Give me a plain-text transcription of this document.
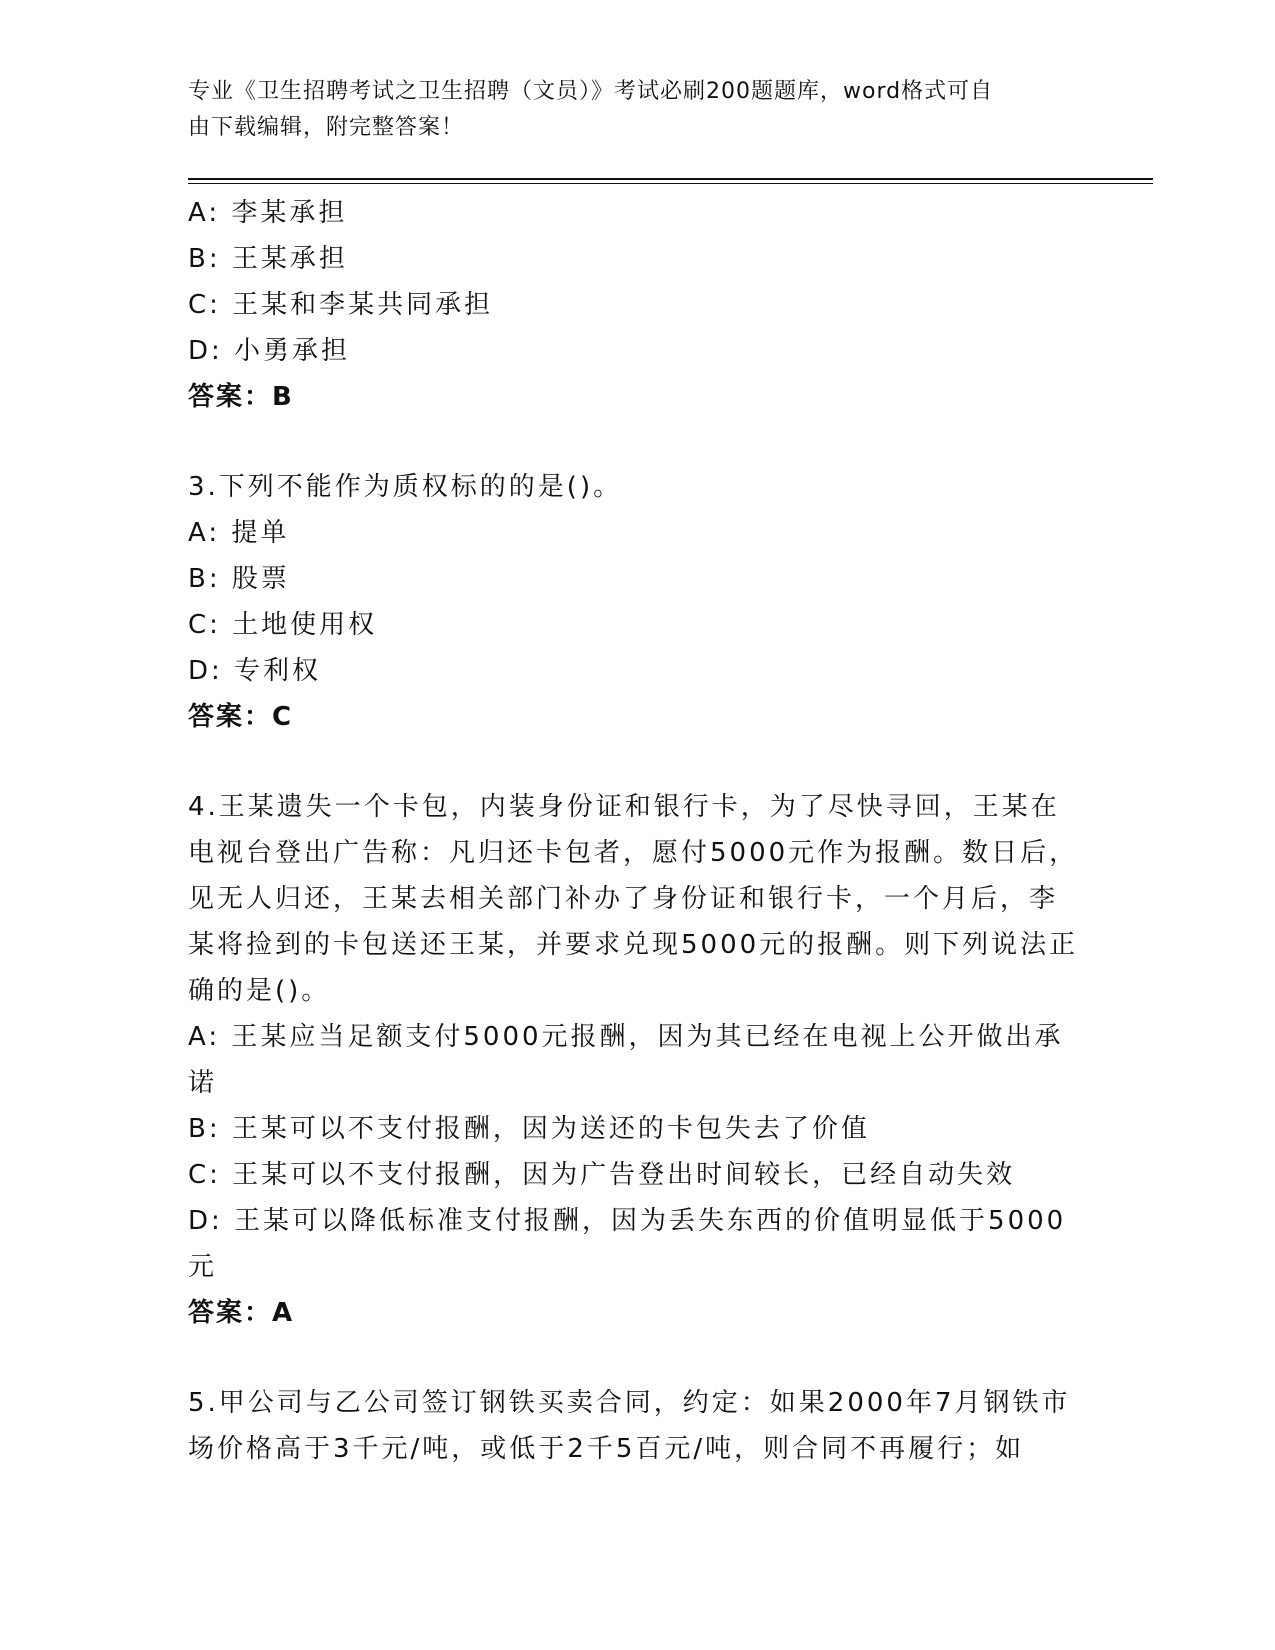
专业《卫生招聘考试之卫生招聘（文员）》考试必刷200题题库，word格式可自
由下载编辑，附完整答案！
A: 李某承担
B: 王某承担
C: 王某和李某共同承担
D: 小勇承担
答案：B
3.下列不能作为质权标的的是()。
A: 提单
B: 股票
C: 土地使用权
D: 专利权
答案：C
4.王某遗失一个卡包，内装身份证和银行卡，为了尽快寻回，王某在
电视台登出广告称：凡归还卡包者，愿付5000元作为报酬。数日后，
见无人归还，王某去相关部门补办了身份证和银行卡，一个月后，李
某将捡到的卡包送还王某，并要求兑现5000元的报酬。则下列说法正
确的是()。
A: 王某应当足额支付5000元报酬，因为其已经在电视上公开做出承
诺
B: 王某可以不支付报酬，因为送还的卡包失去了价值
C: 王某可以不支付报酬，因为广告登出时间较长，已经自动失效
D: 王某可以降低标准支付报酬，因为丢失东西的价值明显低于5000
元
答案：A
5.甲公司与乙公司签订钢铁买卖合同，约定：如果2000年7月钢铁市
场价格高于3千元/吨，或低于2千5百元/吨，则合同不再履行；如
